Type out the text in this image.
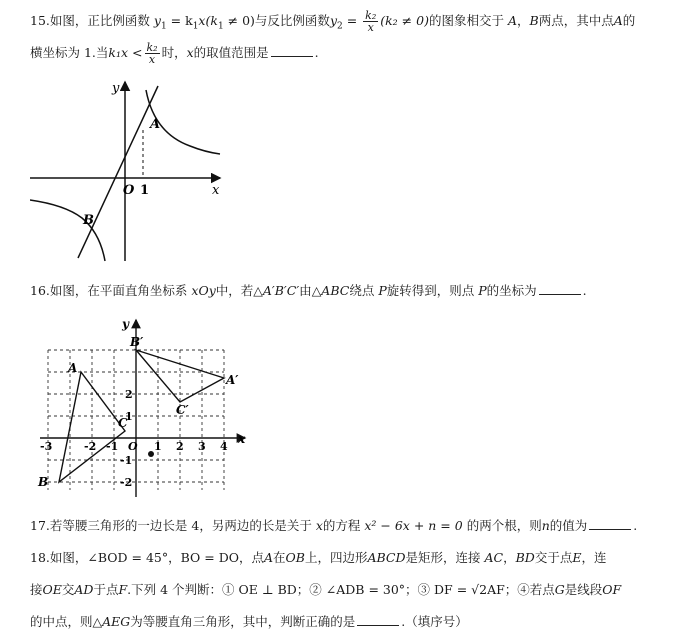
15.如图，正比例函数 $y_1 = k_1x(k_1 \ne 0)$与反比例函数$y_2 = \frac{\text{k₂}}{x} (k_2 \ne 0)$的图象相交于 A，B两点，其中点A的
横坐标为 1.当$k_1x < \frac{\text{k₂}}{x}$ 时，x的取值范围是	.
y
x
O 1
A
B
16.如图，在平面直角坐标系 xOy中，若△A′B′C′由△ABC绕点 P旋转得到，则点 P的坐标为	.
y
x
A
B
C
A′
B′
C′
-3	-2 -1 O 1 2 3 4
2
1
-1
-2
17.若等腰三角形的一边长是 4，另两边的长是关于 x的方程 x² − 6x + n = 0 的两个根，则n的值为	.
18.如图，∠BOD = 45°，BO = DO，点A在OB上，四边形ABCD是矩形，连接 AC，BD交于点E，连
接OE交AD于点F.下列 4 个判断：① OE ⊥ BD；② ∠ADB = 30°；③ DF = √2AF；④若点G是线段OF
的中点，则△AEG为等腰直角三角形，其中，判断正确的是	.（填序号）
